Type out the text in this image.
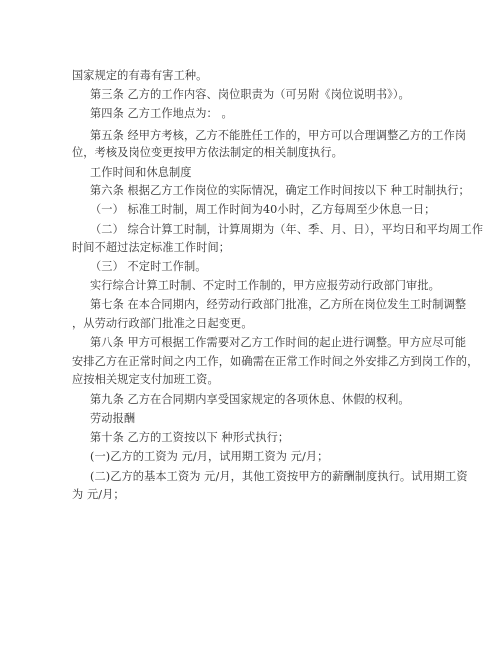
国家规定的有毒有害工种。
第三条 乙方的工作内容、岗位职责为（可另附《岗位说明书》）。
第四条 乙方工作地点为： 。
第五条 经甲方考核，乙方不能胜任工作的，甲方可以合理调整乙方的工作岗
位，考核及岗位变更按甲方依法制定的相关制度执行。
工作时间和休息制度
第六条 根据乙方工作岗位的实际情况，确定工作时间按以下 种工时制执行；
（一） 标准工时制，周工作时间为40小时，乙方每周至少休息一日；
（二） 综合计算工时制，计算周期为（年、季、月、日），平均日和平均周工作
时间不超过法定标准工作时间；
（三） 不定时工作制。
实行综合计算工时制、不定时工作制的，甲方应报劳动行政部门审批。
第七条 在本合同期内，经劳动行政部门批准，乙方所在岗位发生工时制调整
，从劳动行政部门批准之日起变更。
第八条 甲方可根据工作需要对乙方工作时间的起止进行调整。甲方应尽可能
安排乙方在正常时间之内工作，如确需在正常工作时间之外安排乙方到岗工作的，
应按相关规定支付加班工资。
第九条 乙方在合同期内享受国家规定的各项休息、休假的权利。
劳动报酬
第十条 乙方的工资按以下 种形式执行；
(一)乙方的工资为 元/月，试用期工资为 元/月；
(二)乙方的基本工资为 元/月，其他工资按甲方的薪酬制度执行。试用期工资
为 元/月；
